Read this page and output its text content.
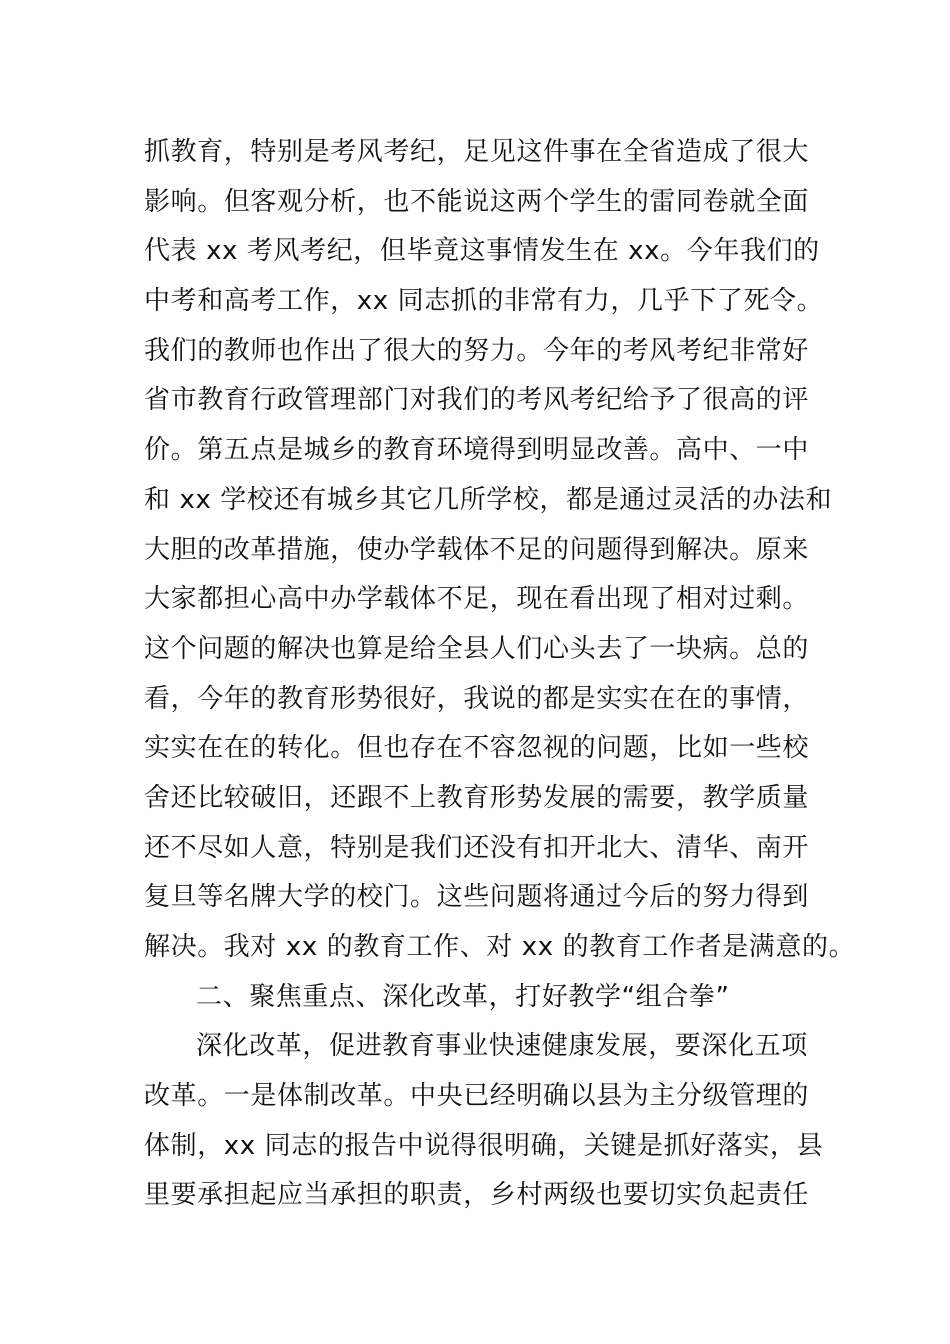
抓教育，特别是考风考纪，足见这件事在全省造成了很大
影响。但客观分析，也不能说这两个学生的雷同卷就全面
代表 xx 考风考纪，但毕竟这事情发生在 xx。今年我们的
中考和高考工作，xx 同志抓的非常有力，几乎下了死令。
我们的教师也作出了很大的努力。今年的考风考纪非常好
省市教育行政管理部门对我们的考风考纪给予了很高的评
价。第五点是城乡的教育环境得到明显改善。高中、一中
和 xx 学校还有城乡其它几所学校，都是通过灵活的办法和
大胆的改革措施，使办学载体不足的问题得到解决。原来
大家都担心高中办学载体不足，现在看出现了相对过剩。
这个问题的解决也算是给全县人们心头去了一块病。总的
看，今年的教育形势很好，我说的都是实实在在的事情，
实实在在的转化。但也存在不容忽视的问题，比如一些校
舍还比较破旧，还跟不上教育形势发展的需要，教学质量
还不尽如人意，特别是我们还没有扣开北大、清华、南开
复旦等名牌大学的校门。这些问题将通过今后的努力得到
解决。我对 xx 的教育工作、对 xx 的教育工作者是满意的。
二、聚焦重点、深化改革，打好教学“组合拳”
深化改革，促进教育事业快速健康发展，要深化五项
改革。一是体制改革。中央已经明确以县为主分级管理的
体制，xx 同志的报告中说得很明确，关键是抓好落实，县
里要承担起应当承担的职责，乡村两级也要切实负起责任
